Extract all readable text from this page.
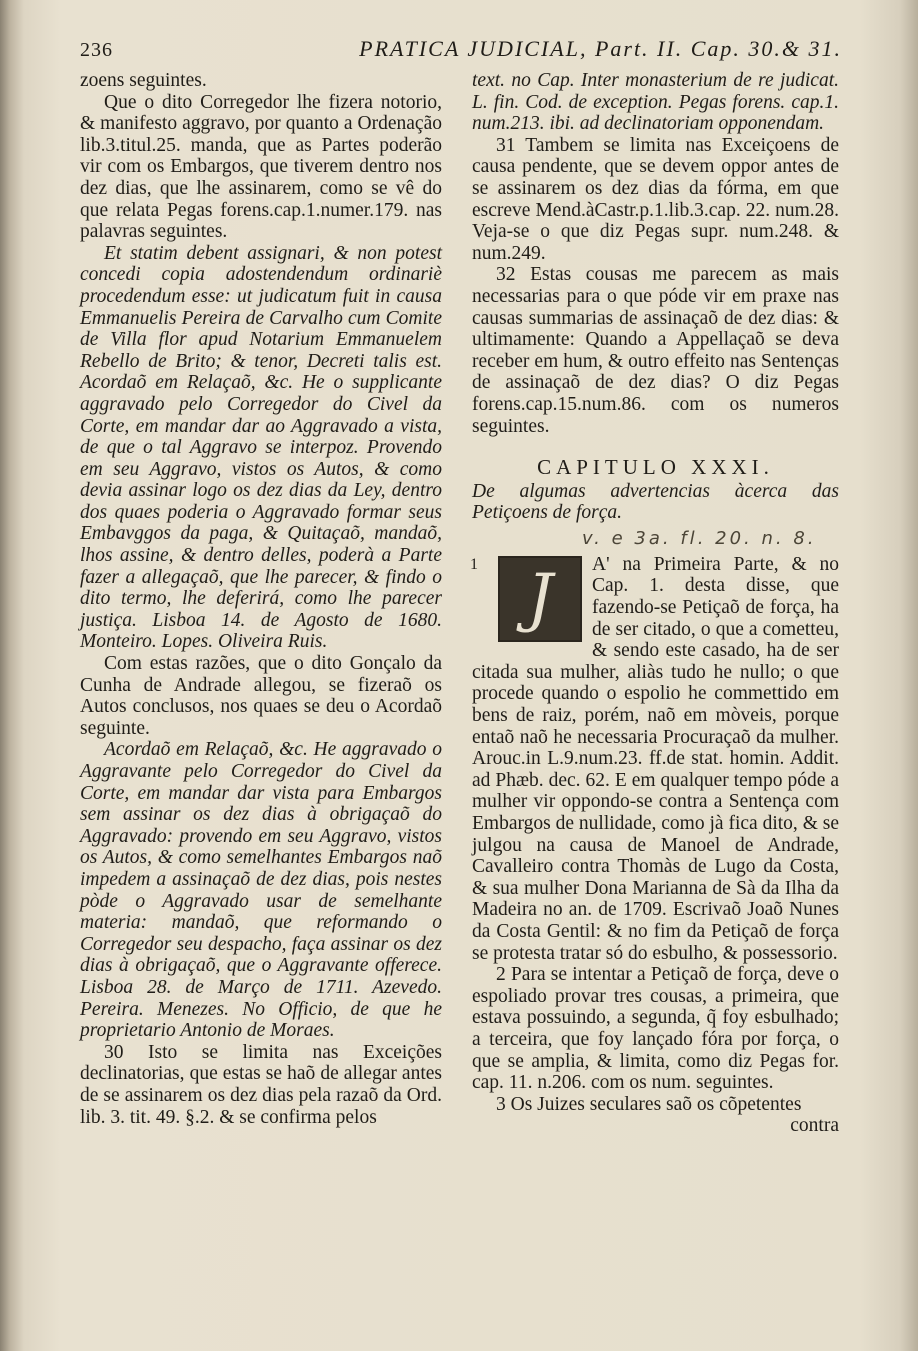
236	PRATICA JUDICIAL, Part. II. Cap. 30.& 31.

zoens seguintes.

Que o dito Corregedor lhe fizera notorio, & manifesto aggravo, por quanto a Ordenação lib.3.titul.25. manda, que as Partes poderão vir com os Embargos, que tiverem dentro nos dez dias, que lhe assinarem, como se vê do que relata Pegas forens.cap.1.numer.179. nas palavras seguintes.

Et statim debent assignari, & non potest concedi copia adostendendum ordinariè procedendum esse: ut judicatum fuit in causa Emmanuelis Pereira de Carvalho cum Comite de Villa flor apud Notarium Emmanuelem Rebello de Brito; & tenor, Decreti talis est. Acordaõ em Relaçaõ, &c. He o supplicante aggravado pelo Corregedor do Civel da Corte, em mandar dar ao Aggravado a vista, de que o tal Aggravo se interpoz. Provendo em seu Aggravo, vistos os Autos, & como devia assinar logo os dez dias da Ley, dentro dos quaes poderia o Aggravado formar seus Embavggos da paga, & Quitaçaõ, mandaõ, lhos assine, & dentro delles, poderà a Parte fazer a allegaçaõ, que lhe parecer, & findo o dito termo, lhe deferirá, como lhe parecer justiça. Lisboa 14. de Agosto de 1680. Monteiro. Lopes. Oliveira Ruis.

Com estas razões, que o dito Gonçalo da Cunha de Andrade allegou, se fizeraõ os Autos conclusos, nos quaes se deu o Acordaõ seguinte.

Acordaõ em Relaçaõ, &c. He aggravado o Aggravante pelo Corregedor do Civel da Corte, em mandar dar vista para Embargos sem assinar os dez dias à obrigaçaõ do Aggravado: provendo em seu Aggravo, vistos os Autos, & como semelhantes Embargos naõ impedem a assinaçaõ de dez dias, pois nestes pòde o Aggravado usar de semelhante materia: mandaõ, que reformando o Corregedor seu despacho, faça assinar os dez dias à obrigaçaõ, que o Aggravante offerece. Lisboa 28. de Março de 1711. Azevedo. Pereira. Menezes. No Officio, de que he proprietario Antonio de Moraes.

30 Isto se limita nas Exceições declinatorias, que estas se haõ de allegar antes de se assinarem os dez dias pela razaõ da Ord. lib. 3. tit. 49. §.2. & se confirma pelos

text. no Cap. Inter monasterium de re judicat. L. fin. Cod. de exception. Pegas forens. cap.1. num.213. ibi. ad declinatoriam opponendam.

31 Tambem se limita nas Exceiçoens de causa pendente, que se devem oppor antes de se assinarem os dez dias da fórma, em que escreve Mend.àCastr.p.1.lib.3.cap. 22. num.28. Veja-se o que diz Pegas supr. num.248. & num.249.

32 Estas cousas me parecem as mais necessarias para o que póde vir em praxe nas causas summarias de assinaçaõ de dez dias: & ultimamente: Quando a Appellaçaõ se deva receber em hum, & outro effeito nas Sentenças de assinaçaõ de dez dias? O diz Pegas forens.cap.15.num.86. com os numeros seguintes.

CAPITULO XXXI.
De algumas advertencias àcerca das Petiçoens de força.
v. e 3a. fl. 20. n. 8.
1 J	A' na Primeira Parte, & no Cap. 1. desta disse, que fazendo-se Petiçaõ de força, ha de ser citado, o que a cometteu, & sendo este casado, ha de ser citada sua mulher, aliàs tudo he nullo; o que procede quando o espolio he commettido em bens de raiz, porém, naõ em mòveis, porque entaõ naõ he necessaria Procuraçaõ da mulher. Arouc.in L.9.num.23. ff.de stat. homin. Addit. ad Phæb. dec. 62. E em qualquer tempo póde a mulher vir oppondo-se contra a Sentença com Embargos de nullidade, como jà fica dito, & se julgou na causa de Manoel de Andrade, Cavalleiro contra Thomàs de Lugo da Costa, & sua mulher Dona Marianna de Sà da Ilha da Madeira no an. de 1709. Escrivaõ Joaõ Nunes da Costa Gentil: & no fim da Petiçaõ de força se protesta tratar só do esbulho, & possessorio.

2 Para se intentar a Petiçaõ de força, deve o espoliado provar tres cousas, a primeira, que estava possuindo, a segunda, q̃ foy esbulhado; a terceira, que foy lançado fóra por força, o que se amplia, & limita, como diz Pegas for. cap. 11. n.206. com os num. seguintes.

3 Os Juizes seculares saõ os cõpetentes

contra
